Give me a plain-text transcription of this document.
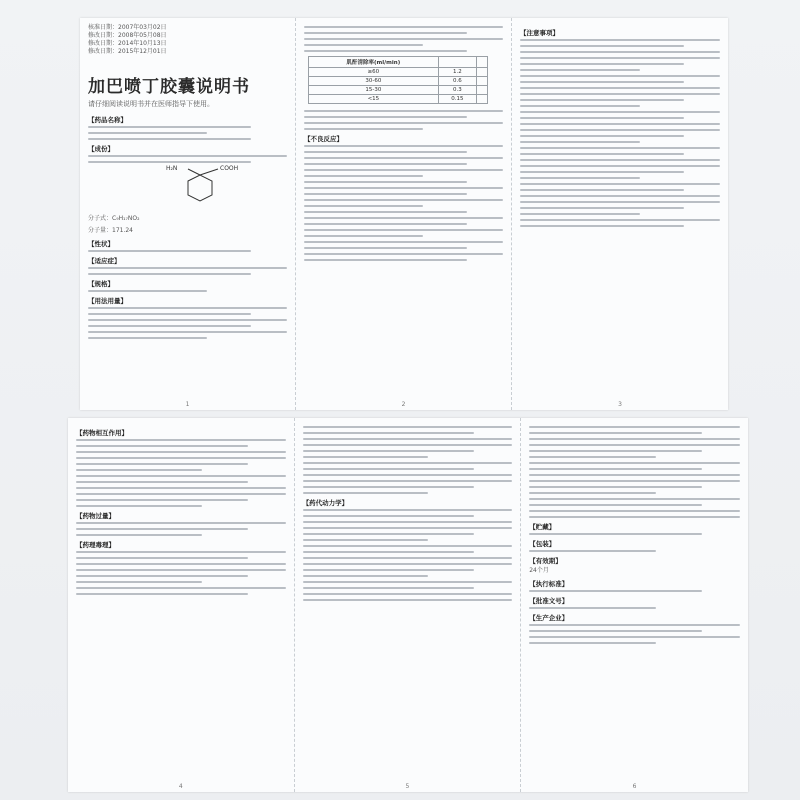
核准日期：2007年03月02日
修改日期：2008年05月08日
修改日期：2014年10月13日
修改日期：2015年12月01日
加巴喷丁胶囊说明书
请仔细阅读说明书并在医师指导下使用。
【药品名称】
【成份】
H₂N	COOH
分子式：C₉H₁₇NO₂
分子量：171.24
【性状】
【适应症】
【规格】
【用法用量】
1
肌酐清除率(ml/min)		
≥60	1.2	
30-60	0.6	
15-30	0.3	
<15	0.15	
【不良反应】
2
【注意事项】
3
【药物相互作用】
【药物过量】
【药理毒理】
4
【药代动力学】
5
【贮藏】
【包装】
【有效期】
24个月
【执行标准】
【批准文号】
【生产企业】
6
